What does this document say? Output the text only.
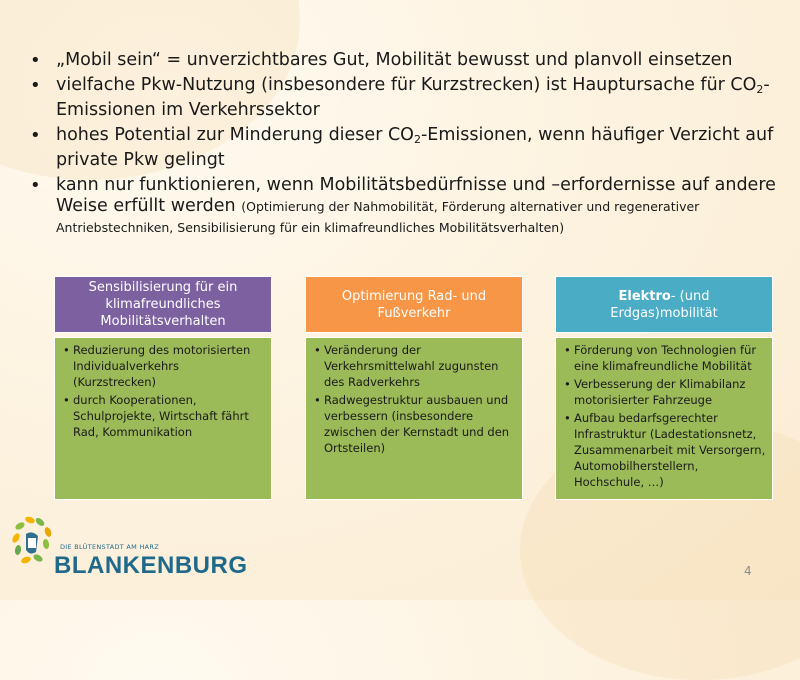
• „Mobil sein“ = unverzichtbares Gut, Mobilität bewusst und planvoll einsetzen
• vielfache Pkw-Nutzung (insbesondere für Kurzstrecken) ist Hauptursache für $CO_2$-Emissionen im Verkehrssektor
• hohes Potential zur Minderung dieser $CO_2$-Emissionen, wenn häufiger Verzicht auf private Pkw gelingt
• kann nur funktionieren, wenn Mobilitätsbedürfnisse und –erfordernisse auf andere Weise erfüllt werden (Optimierung der Nahmobilität, Förderung alternativer und regenerativer Antriebstechniken, Sensibilisierung für ein klimafreundliches Mobilitätsverhalten)
Sensibilisierung für ein klimafreundliches Mobilitätsverhalten
• Reduzierung des motorisierten Individualverkehrs (Kurzstrecken)
• durch Kooperationen, Schulprojekte, Wirtschaft fährt Rad, Kommunikation
Optimierung Rad- und Fußverkehr
• Veränderung der Verkehrsmittelwahl zugunsten des Radverkehrs
• Radwegestruktur ausbauen und verbessern (insbesondere zwischen der Kernstadt und den Ortsteilen)
Elektro- (und Erdgas)mobilität
• Förderung von Technologien für eine klimafreundliche Mobilität
• Verbesserung der Klimabilanz motorisierter Fahrzeuge
• Aufbau bedarfsgerechter Infrastruktur (Ladestationsnetz, Zusammenarbeit mit Versorgern, Automobilherstellern, Hochschule, …)
DIE BLÜTENSTADT AM HARZ
BLANKENBURG	4
